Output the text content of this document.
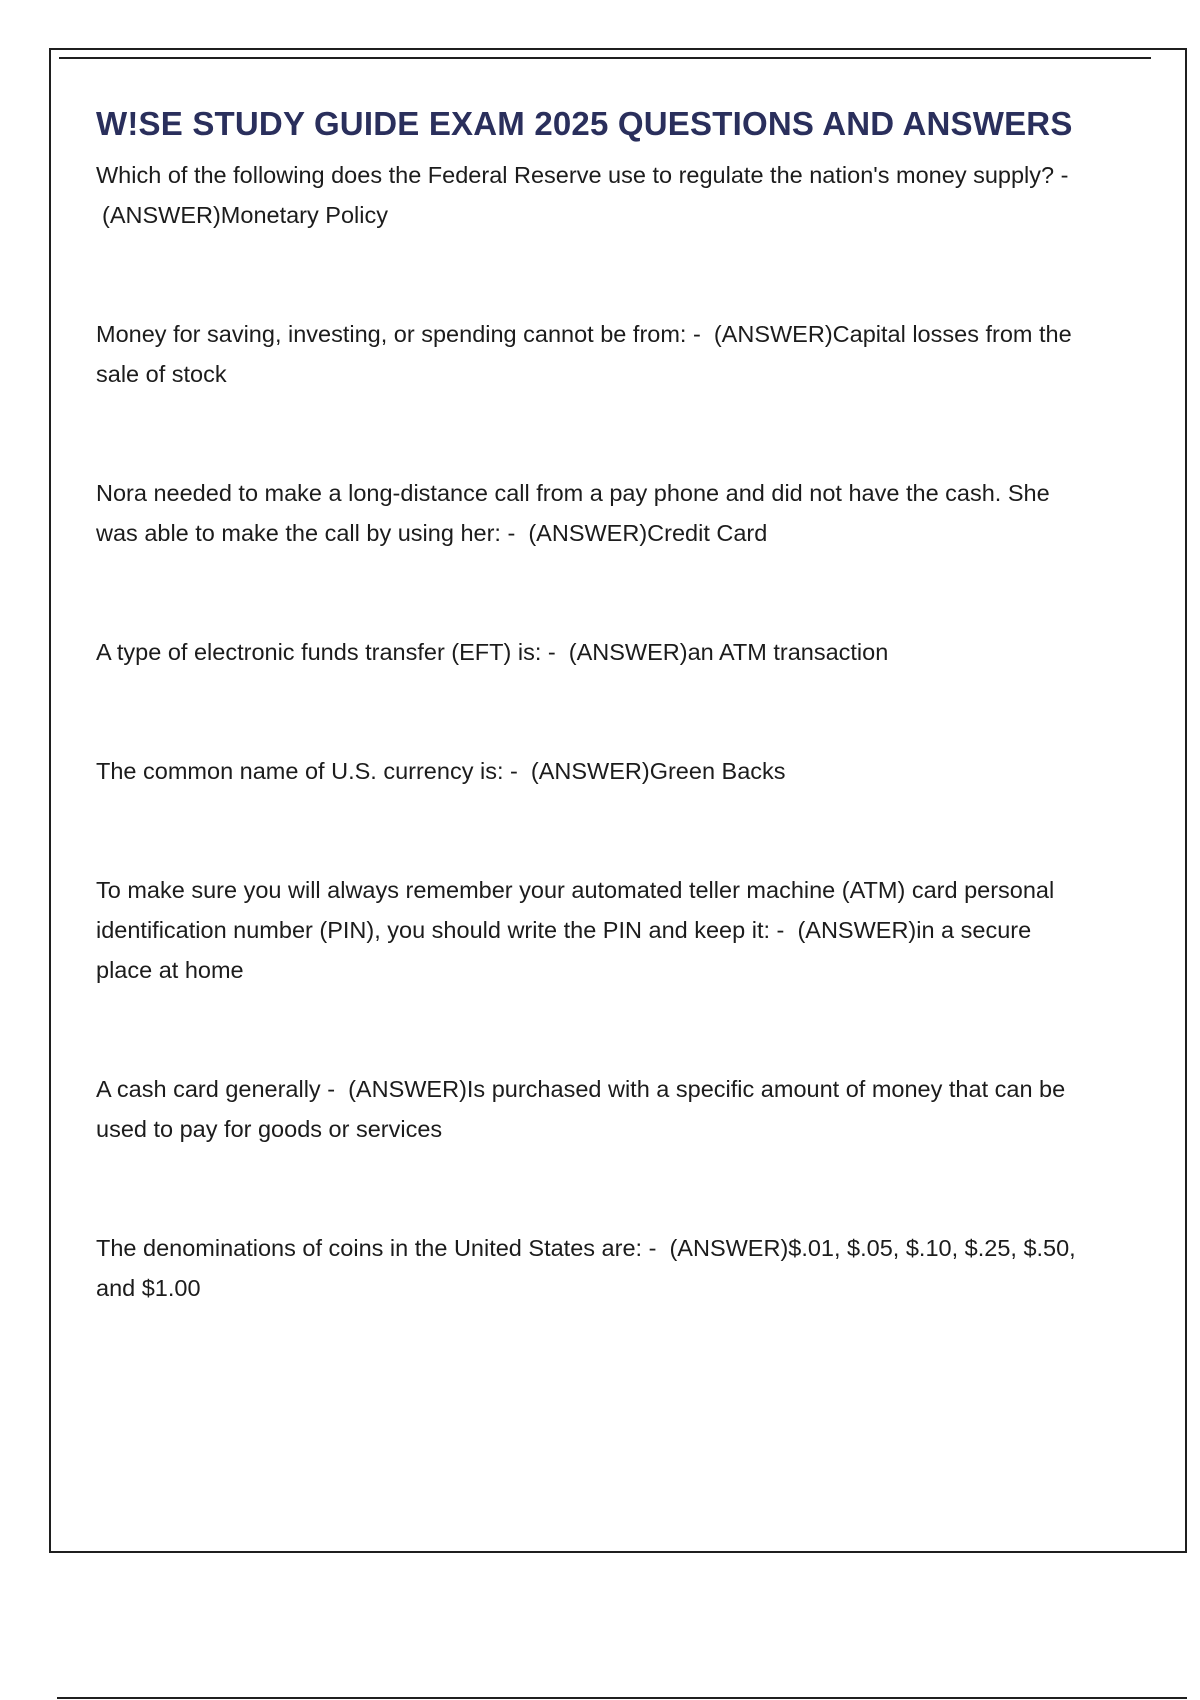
W!SE STUDY GUIDE EXAM 2025 QUESTIONS AND ANSWERS

Which of the following does the Federal Reserve use to regulate the nation's money supply? -  (ANSWER)Monetary Policy

Money for saving, investing, or spending cannot be from: - (ANSWER)Capital losses from the sale of stock

Nora needed to make a long-distance call from a pay phone and did not have the cash. She was able to make the call by using her: - (ANSWER)Credit Card

A type of electronic funds transfer (EFT) is: - (ANSWER)an ATM transaction

The common name of U.S. currency is: - (ANSWER)Green Backs

To make sure you will always remember your automated teller machine (ATM) card personal identification number (PIN), you should write the PIN and keep it: - (ANSWER)in a secure place at home

A cash card generally - (ANSWER)Is purchased with a specific amount of money that can be used to pay for goods or services

The denominations of coins in the United States are: - (ANSWER)$.01, $.05, $.10, $.25, $.50, and $1.00
